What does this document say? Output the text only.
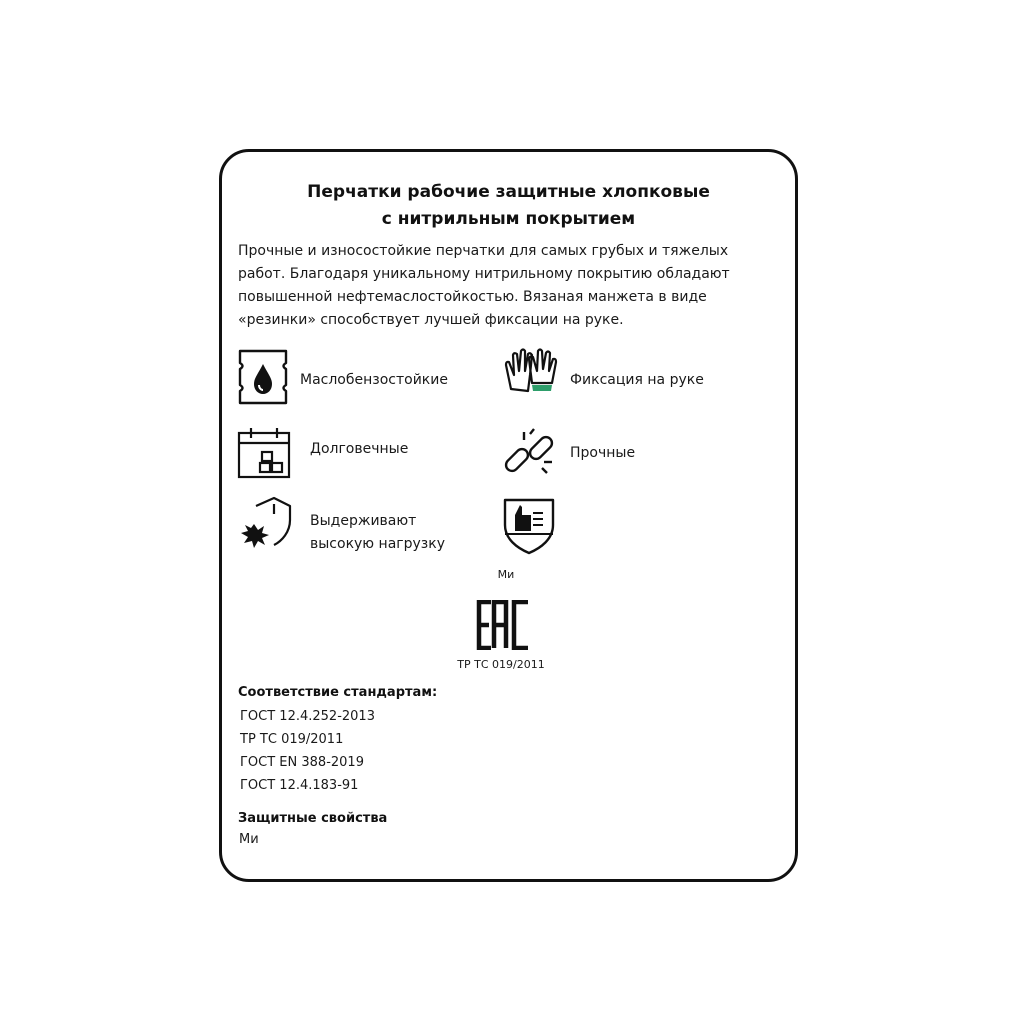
Перчатки рабочие защитные хлопковые
с нитрильным покрытием
Прочные и износостойкие перчатки для самых грубых и тяжелых
работ. Благодаря уникальному нитрильному покрытию обладают
повышенной нефтемаслостойкостью. Вязаная манжета в виде
«резинки» способствует лучшей фиксации на руке.
Маслобензостойкие	Фиксация на руке
Долговечные	Прочные
Выдерживают
высокую нагрузку
Ми
ТР ТС 019/2011
Соответствие стандартам:
ГОСТ 12.4.252-2013
ТР ТС 019/2011
ГОСТ EN 388-2019
ГОСТ 12.4.183-91
Защитные свойства
Ми
